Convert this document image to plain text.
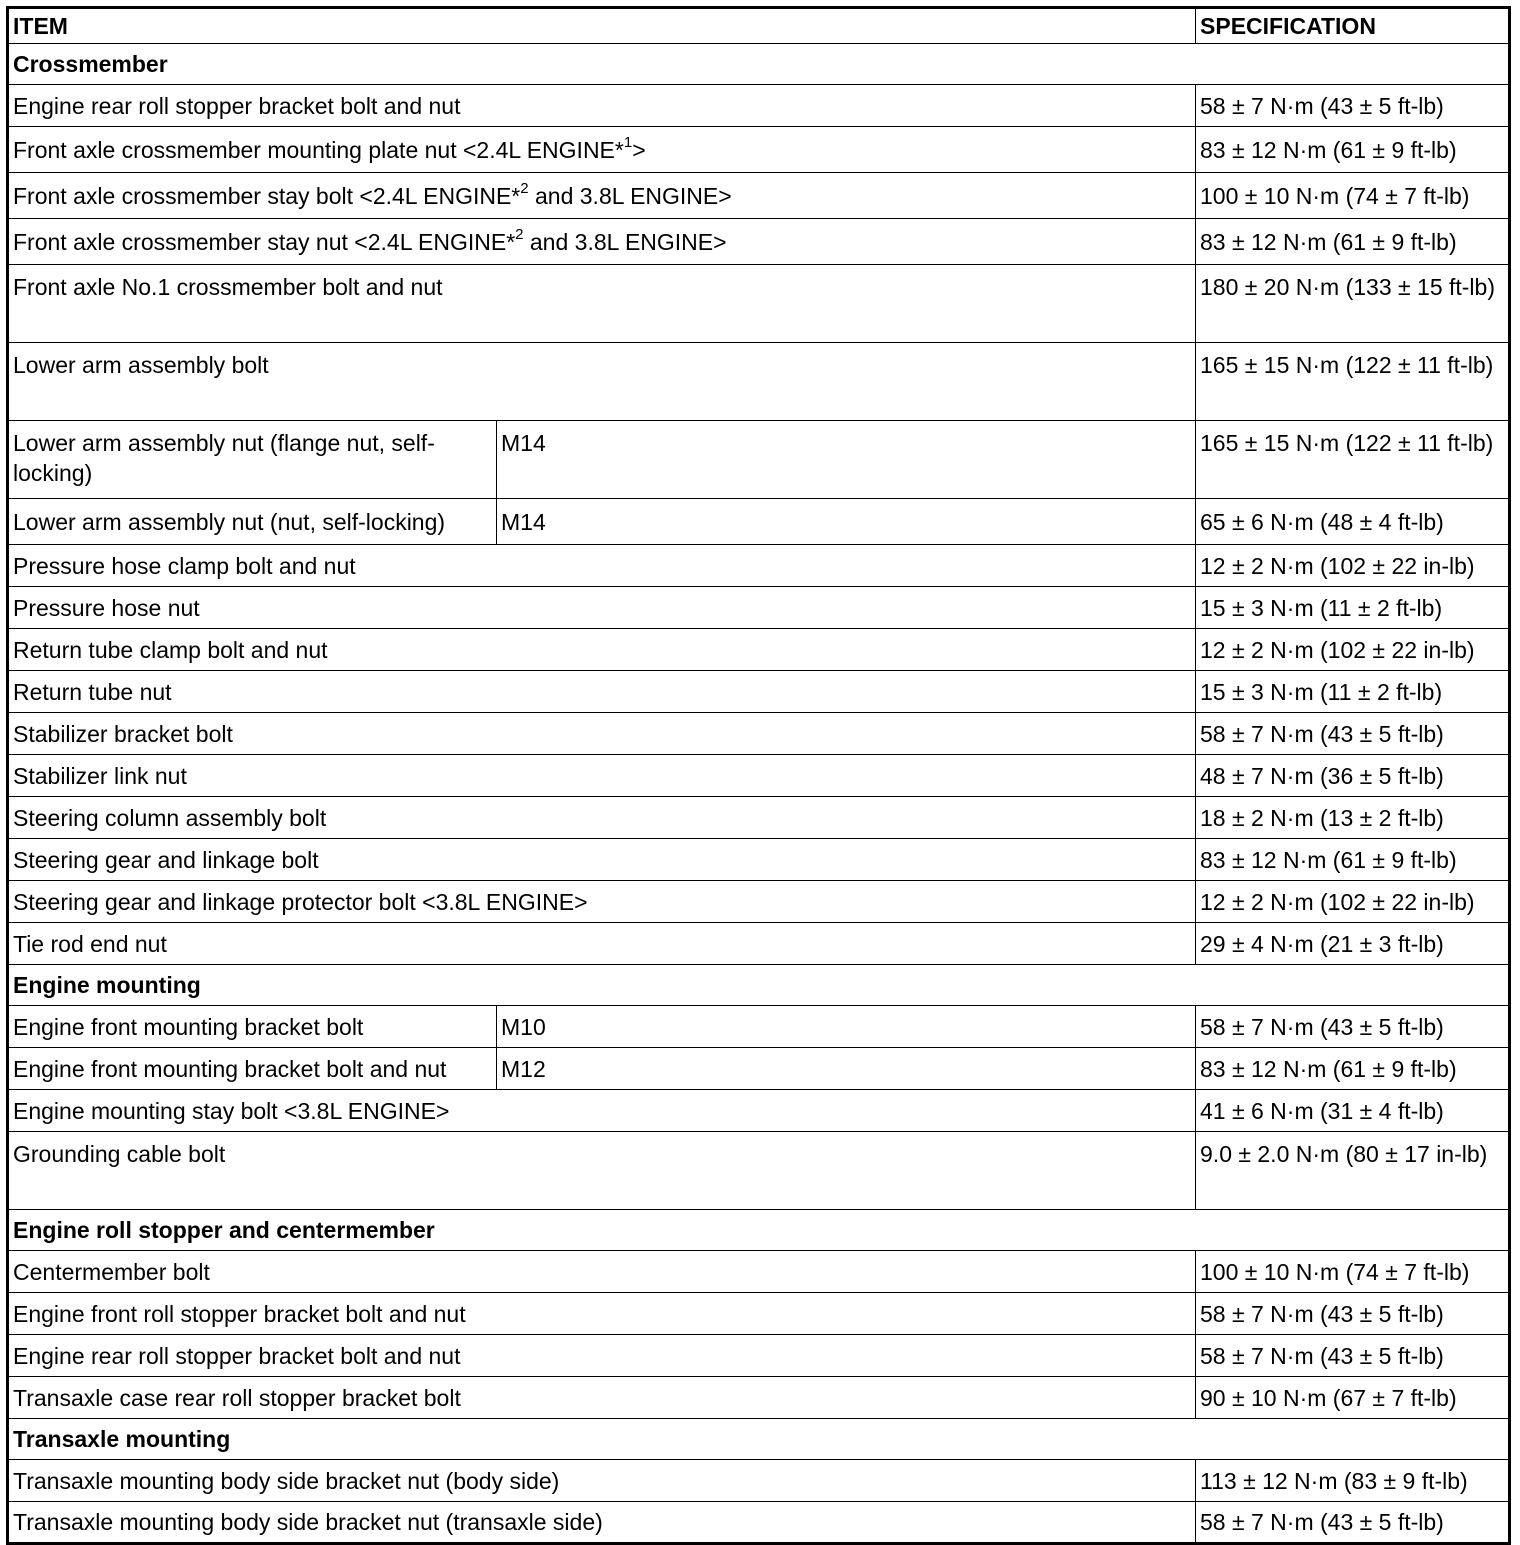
ITEM		SPECIFICATION
Crossmember		
Engine rear roll stopper bracket bolt and nut		58 ± 7 N·m (43 ± 5 ft-lb)
Front axle crossmember mounting plate nut <2.4L ENGINE*$^1$>		83 ± 12 N·m (61 ± 9 ft-lb)
Front axle crossmember stay bolt <2.4L ENGINE*$^2$ and 3.8L ENGINE>		100 ± 10 N·m (74 ± 7 ft-lb)
Front axle crossmember stay nut <2.4L ENGINE*$^2$ and 3.8L ENGINE>		83 ± 12 N·m (61 ± 9 ft-lb)
Front axle No.1 crossmember bolt and nut		180 ± 20 N·m (133 ± 15 ft-lb)
Lower arm assembly bolt		165 ± 15 N·m (122 ± 11 ft-lb)
Lower arm assembly nut (flange nut, self-locking)	M14	165 ± 15 N·m (122 ± 11 ft-lb)
Lower arm assembly nut (nut, self-locking)	M14	65 ± 6 N·m (48 ± 4 ft-lb)
Pressure hose clamp bolt and nut		12 ± 2 N·m (102 ± 22 in-lb)
Pressure hose nut		15 ± 3 N·m (11 ± 2 ft-lb)
Return tube clamp bolt and nut		12 ± 2 N·m (102 ± 22 in-lb)
Return tube nut		15 ± 3 N·m (11 ± 2 ft-lb)
Stabilizer bracket bolt		58 ± 7 N·m (43 ± 5 ft-lb)
Stabilizer link nut		48 ± 7 N·m (36 ± 5 ft-lb)
Steering column assembly bolt		18 ± 2 N·m (13 ± 2 ft-lb)
Steering gear and linkage bolt		83 ± 12 N·m (61 ± 9 ft-lb)
Steering gear and linkage protector bolt <3.8L ENGINE>		12 ± 2 N·m (102 ± 22 in-lb)
Tie rod end nut		29 ± 4 N·m (21 ± 3 ft-lb)
Engine mounting		
Engine front mounting bracket bolt	M10	58 ± 7 N·m (43 ± 5 ft-lb)
Engine front mounting bracket bolt and nut	M12	83 ± 12 N·m (61 ± 9 ft-lb)
Engine mounting stay bolt <3.8L ENGINE>		41 ± 6 N·m (31 ± 4 ft-lb)
Grounding cable bolt		9.0 ± 2.0 N·m (80 ± 17 in-lb)
Engine roll stopper and centermember		
Centermember bolt		100 ± 10 N·m (74 ± 7 ft-lb)
Engine front roll stopper bracket bolt and nut		58 ± 7 N·m (43 ± 5 ft-lb)
Engine rear roll stopper bracket bolt and nut		58 ± 7 N·m (43 ± 5 ft-lb)
Transaxle case rear roll stopper bracket bolt		90 ± 10 N·m (67 ± 7 ft-lb)
Transaxle mounting		
Transaxle mounting body side bracket nut (body side)		113 ± 12 N·m (83 ± 9 ft-lb)
Transaxle mounting body side bracket nut (transaxle side)		58 ± 7 N·m (43 ± 5 ft-lb)
